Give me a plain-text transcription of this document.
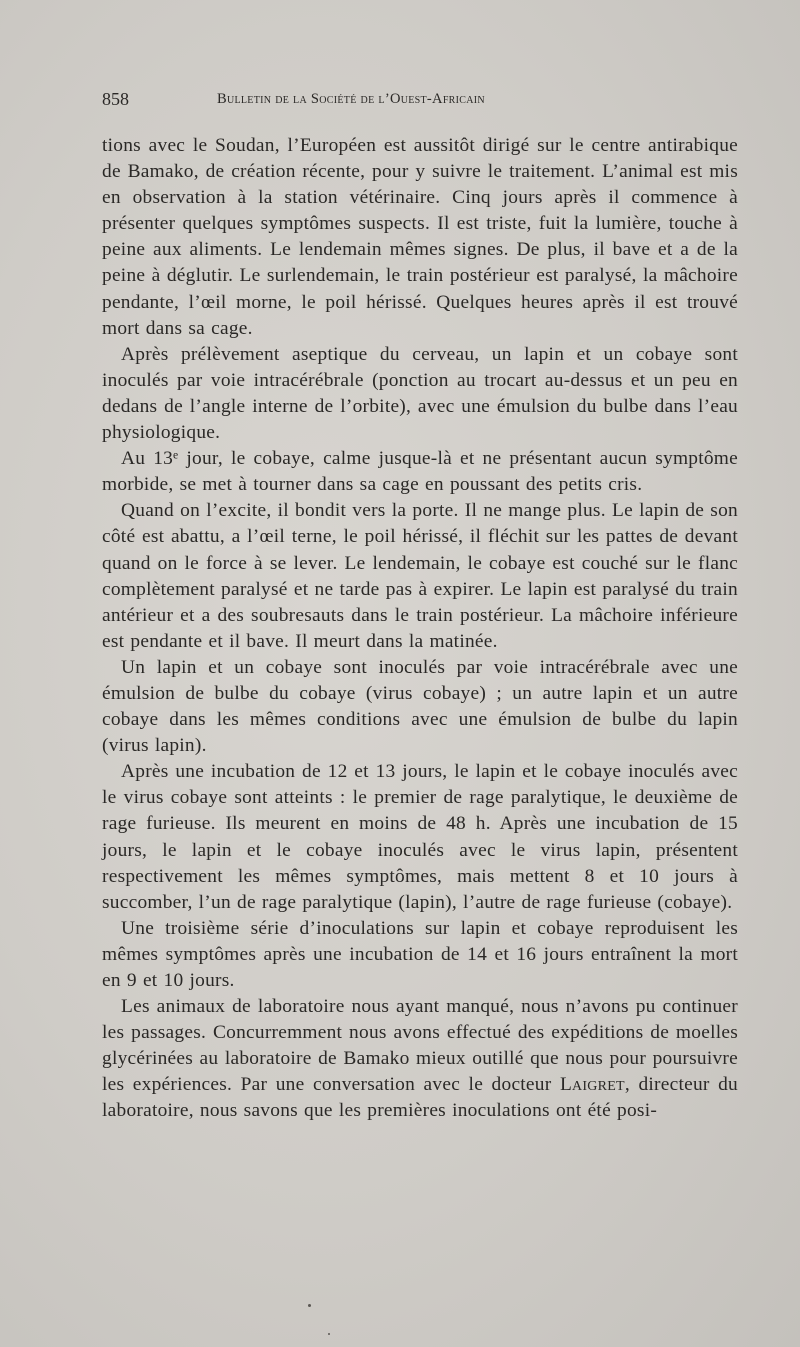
858	Bulletin de la Société de l’Ouest-Africain

tions avec le Soudan, l’Européen est aussitôt dirigé sur le centre antirabique de Bamako, de création récente, pour y suivre le traitement. L’animal est mis en observation à la station vétérinaire. Cinq jours après il commence à présenter quelques symptômes suspects. Il est triste, fuit la lumière, touche à peine aux aliments. Le lendemain mêmes signes. De plus, il bave et a de la peine à déglutir. Le surlendemain, le train postérieur est paralysé, la mâchoire pendante, l’œil morne, le poil hérissé. Quelques heures après il est trouvé mort dans sa cage.

Après prélèvement aseptique du cerveau, un lapin et un cobaye sont inoculés par voie intracérébrale (ponction au trocart au-dessus et un peu en dedans de l’angle interne de l’orbite), avec une émulsion du bulbe dans l’eau physiologique.

Au 13ᵉ jour, le cobaye, calme jusque-là et ne présentant aucun symptôme morbide, se met à tourner dans sa cage en poussant des petits cris.

Quand on l’excite, il bondit vers la porte. Il ne mange plus. Le lapin de son côté est abattu, a l’œil terne, le poil hérissé, il fléchit sur les pattes de devant quand on le force à se lever. Le lendemain, le cobaye est couché sur le flanc complètement paralysé et ne tarde pas à expirer. Le lapin est paralysé du train antérieur et a des soubresauts dans le train postérieur. La mâchoire inférieure est pendante et il bave. Il meurt dans la matinée.

Un lapin et un cobaye sont inoculés par voie intracérébrale avec une émulsion de bulbe du cobaye (virus cobaye) ; un autre lapin et un autre cobaye dans les mêmes conditions avec une émulsion de bulbe du lapin (virus lapin).

Après une incubation de 12 et 13 jours, le lapin et le cobaye inoculés avec le virus cobaye sont atteints : le premier de rage paralytique, le deuxième de rage furieuse. Ils meurent en moins de 48 h. Après une incubation de 15 jours, le lapin et le cobaye inoculés avec le virus lapin, présentent respectivement les mêmes symptômes, mais mettent 8 et 10 jours à succomber, l’un de rage paralytique (lapin), l’autre de rage furieuse (cobaye).

Une troisième série d’inoculations sur lapin et cobaye reproduisent les mêmes symptômes après une incubation de 14 et 16 jours entraînent la mort en 9 et 10 jours.

Les animaux de laboratoire nous ayant manqué, nous n’avons pu continuer les passages. Concurremment nous avons effectué des expéditions de moelles glycérinées au laboratoire de Bamako mieux outillé que nous pour poursuivre les expériences. Par une conversation avec le docteur Laigret, directeur du laboratoire, nous savons que les premières inoculations ont été posi-
